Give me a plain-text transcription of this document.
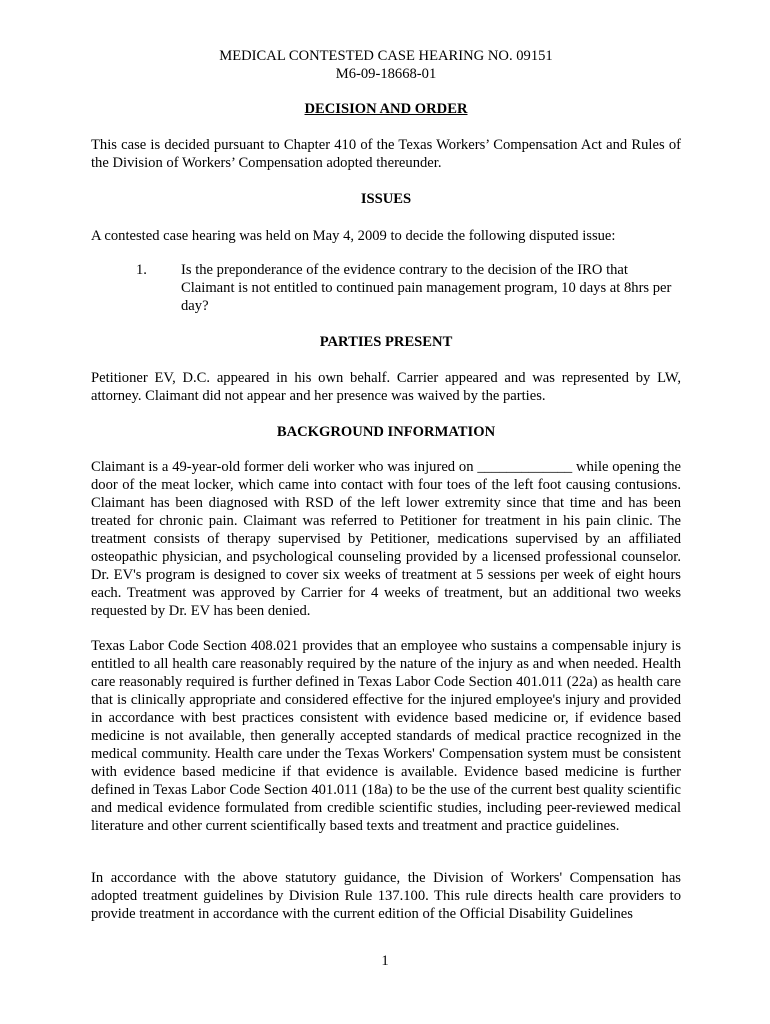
MEDICAL CONTESTED CASE HEARING NO. 09151
M6-09-18668-01
DECISION AND ORDER

This case is decided pursuant to Chapter 410 of the Texas Workers’ Compensation Act and Rules of the Division of Workers’ Compensation adopted thereunder.

ISSUES

A contested case hearing was held on May 4, 2009 to decide the following disputed issue:

1. Is the preponderance of the evidence contrary to the decision of the IRO that Claimant is not entitled to continued pain management program, 10 days at 8hrs per day?
PARTIES PRESENT

Petitioner EV, D.C. appeared in his own behalf. Carrier appeared and was represented by LW, attorney. Claimant did not appear and her presence was waived by the parties.

BACKGROUND INFORMATION

Claimant is a 49-year-old former deli worker who was injured on _____________ while opening the door of the meat locker, which came into contact with four toes of the left foot causing contusions. Claimant has been diagnosed with RSD of the left lower extremity since that time and has been treated for chronic pain. Claimant was referred to Petitioner for treatment in his pain clinic. The treatment consists of therapy supervised by Petitioner, medications supervised by an affiliated osteopathic physician, and psychological counseling provided by a licensed professional counselor. Dr. EV's program is designed to cover six weeks of treatment at 5 sessions per week of eight hours each. Treatment was approved by Carrier for 4 weeks of treatment, but an additional two weeks requested by Dr. EV has been denied.

Texas Labor Code Section 408.021 provides that an employee who sustains a compensable injury is entitled to all health care reasonably required by the nature of the injury as and when needed. Health care reasonably required is further defined in Texas Labor Code Section 401.011 (22a) as health care that is clinically appropriate and considered effective for the injured employee's injury and provided in accordance with best practices consistent with evidence based medicine or, if evidence based medicine is not available, then generally accepted standards of medical practice recognized in the medical community. Health care under the Texas Workers' Compensation system must be consistent with evidence based medicine if that evidence is available. Evidence based medicine is further defined in Texas Labor Code Section 401.011 (18a) to be the use of the current best quality scientific and medical evidence formulated from credible scientific studies, including peer-reviewed medical literature and other current scientifically based texts and treatment and practice guidelines.

In accordance with the above statutory guidance, the Division of Workers' Compensation has adopted treatment guidelines by Division Rule 137.100. This rule directs health care providers to provide treatment in accordance with the current edition of the Official Disability Guidelines

1
